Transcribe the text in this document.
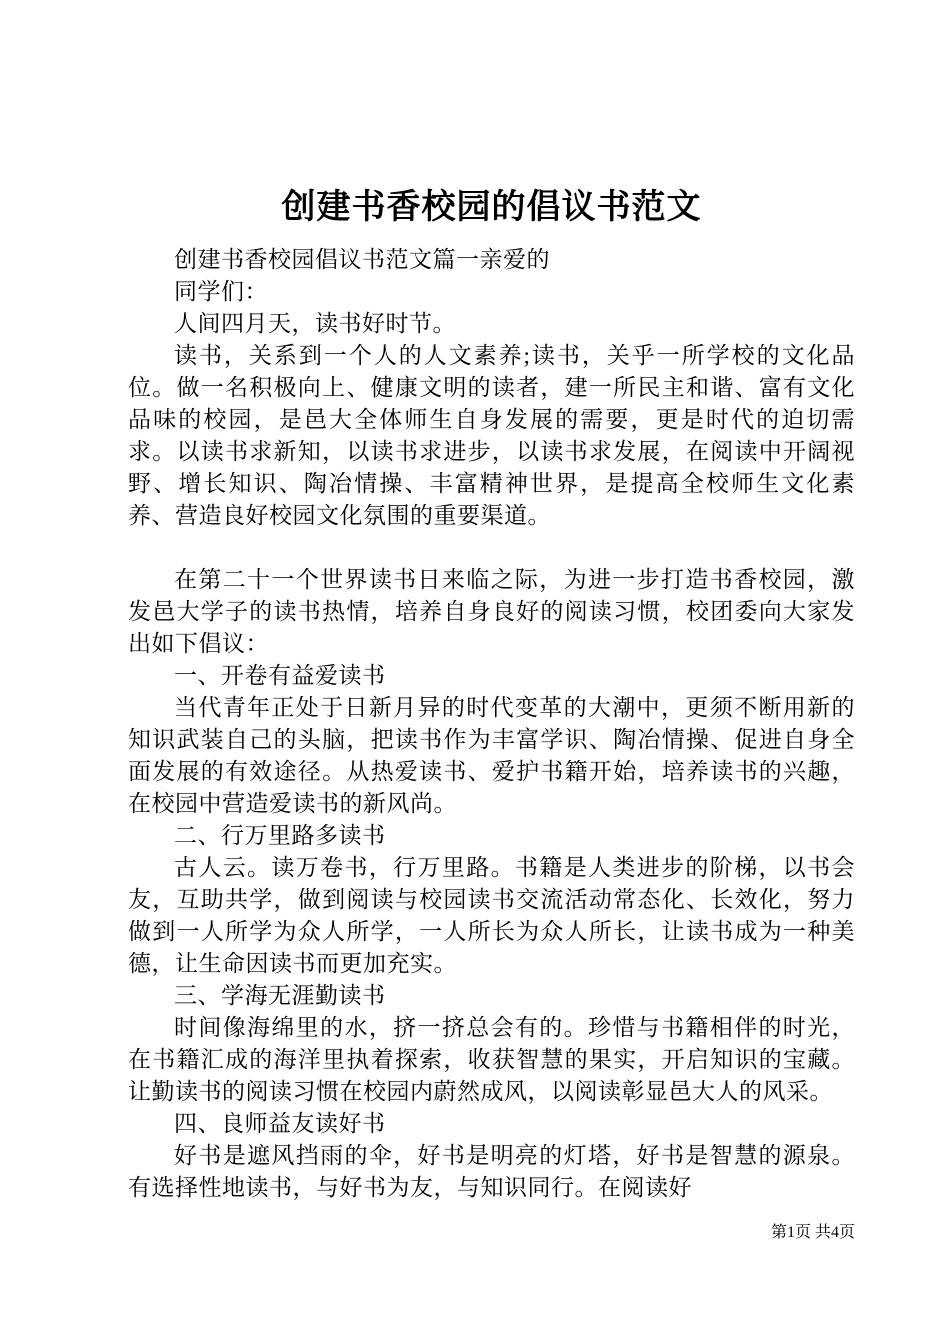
创建书香校园的倡议书范文

创建书香校园倡议书范文篇一亲爱的

同学们：

人间四月天，读书好时节。

读书，关系到一个人的人文素养;读书，关乎一所学校的文化品位。做一名积极向上、健康文明的读者，建一所民主和谐、富有文化品味的校园，是邑大全体师生自身发展的需要，更是时代的迫切需求。以读书求新知，以读书求进步，以读书求发展，在阅读中开阔视野、增长知识、陶冶情操、丰富精神世界，是提高全校师生文化素养、营造良好校园文化氛围的重要渠道。

在第二十一个世界读书日来临之际，为进一步打造书香校园，激发邑大学子的读书热情，培养自身良好的阅读习惯，校团委向大家发出如下倡议：

一、开卷有益爱读书

当代青年正处于日新月异的时代变革的大潮中，更须不断用新的知识武装自己的头脑，把读书作为丰富学识、陶冶情操、促进自身全面发展的有效途径。从热爱读书、爱护书籍开始，培养读书的兴趣，在校园中营造爱读书的新风尚。

二、行万里路多读书

古人云。读万卷书，行万里路。书籍是人类进步的阶梯，以书会友，互助共学，做到阅读与校园读书交流活动常态化、长效化，努力做到一人所学为众人所学，一人所长为众人所长，让读书成为一种美德，让生命因读书而更加充实。

三、学海无涯勤读书

时间像海绵里的水，挤一挤总会有的。珍惜与书籍相伴的时光，在书籍汇成的海洋里执着探索，收获智慧的果实，开启知识的宝藏。让勤读书的阅读习惯在校园内蔚然成风，以阅读彰显邑大人的风采。

四、良师益友读好书

好书是遮风挡雨的伞，好书是明亮的灯塔，好书是智慧的源泉。有选择性地读书，与好书为友，与知识同行。在阅读好

第1页 共4页
